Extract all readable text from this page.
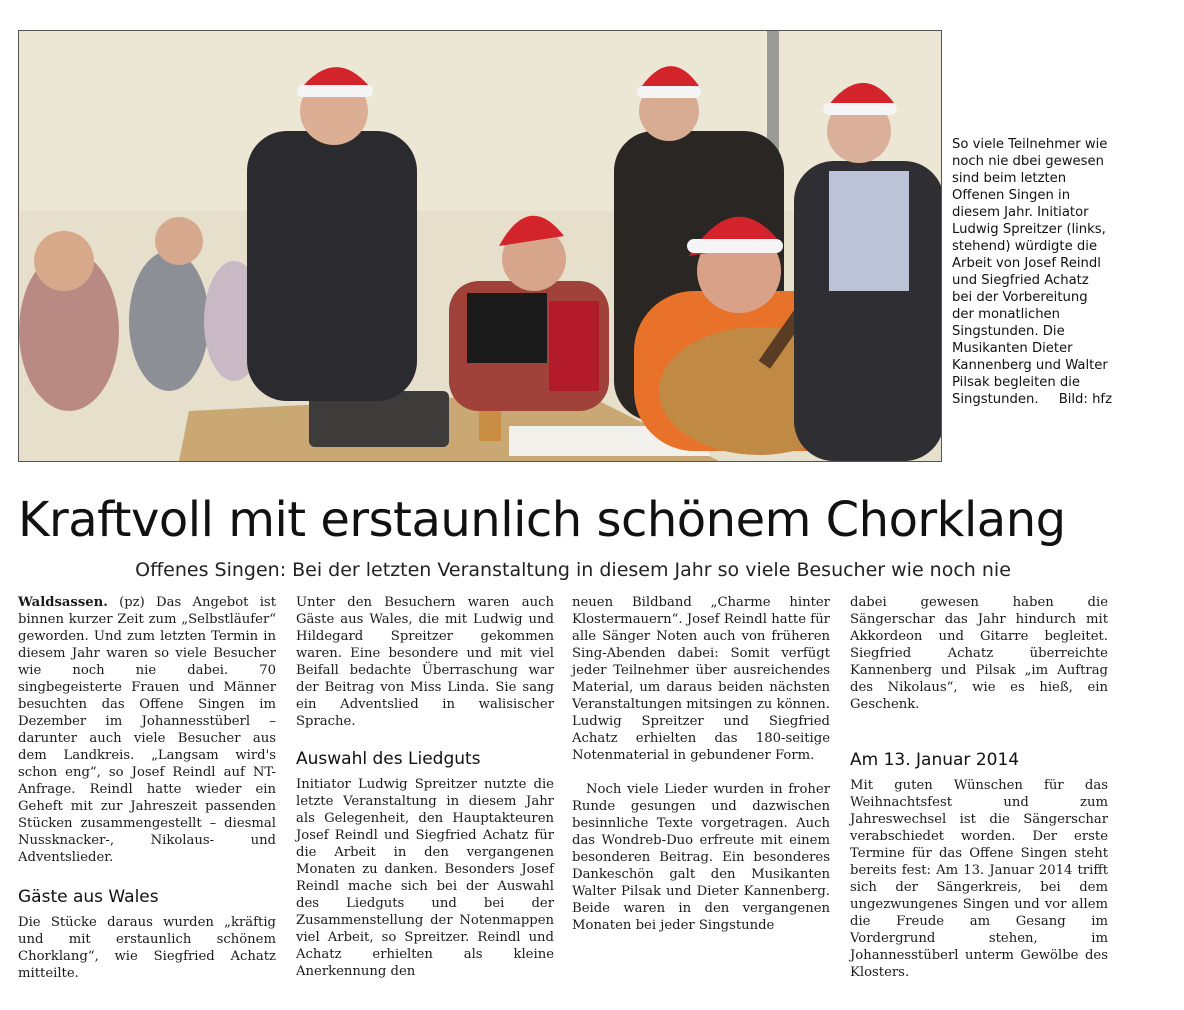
So viele Teilnehmer wie noch nie dbei gewesen sind beim letzten Offenen Singen in diesem Jahr. Initiator Ludwig Spreitzer (links, stehend) würdigte die Arbeit von Josef Reindl und Siegfried Achatz bei der Vorbereitung der monatlichen Singstunden. Die Musikanten Dieter Kannenberg und Walter Pilsak begleiten die Singstunden. Bild: hfz
Kraftvoll mit erstaunlich schönem Chorklang
Offenes Singen: Bei der letzten Veranstaltung in diesem Jahr so viele Besucher wie noch nie

Waldsassen. (pz) Das Angebot ist binnen kurzer Zeit zum „Selbstläufer“ geworden. Und zum letzten Termin in diesem Jahr waren so viele Besucher wie noch nie dabei. 70 singbegeisterte Frauen und Männer besuchten das Offene Singen im Dezember im Johannesstüberl – darunter auch viele Besucher aus dem Landkreis. „Langsam wird's schon eng“, so Josef Reindl auf NT-Anfrage. Reindl hatte wieder ein Geheft mit zur Jahreszeit passenden Stücken zusammengestellt – diesmal Nussknacker-, Nikolaus- und Adventslieder.

Gäste aus Wales

Die Stücke daraus wurden „kräftig und mit erstaunlich schönem Chorklang“, wie Siegfried Achatz mitteilte.

Unter den Besuchern waren auch Gäste aus Wales, die mit Ludwig und Hildegard Spreitzer gekommen waren. Eine besondere und mit viel Beifall bedachte Überraschung war der Beitrag von Miss Linda. Sie sang ein Adventslied in walisischer Sprache.

Auswahl des Liedguts

Initiator Ludwig Spreitzer nutzte die letzte Veranstaltung in diesem Jahr als Gelegenheit, den Hauptakteuren Josef Reindl und Siegfried Achatz für die Arbeit in den vergangenen Monaten zu danken. Besonders Josef Reindl mache sich bei der Auswahl des Liedguts und bei der Zusammenstellung der Notenmappen viel Arbeit, so Spreitzer. Reindl und Achatz erhielten als kleine Anerkennung den

neuen Bildband „Charme hinter Klostermauern“. Josef Reindl hatte für alle Sänger Noten auch von früheren Sing-Abenden dabei: Somit verfügt jeder Teilnehmer über ausreichendes Material, um daraus beiden nächsten Veranstaltungen mitsingen zu können. Ludwig Spreitzer und Siegfried Achatz erhielten das 180-seitige Notenmaterial in gebundener Form.

Noch viele Lieder wurden in froher Runde gesungen und dazwischen besinnliche Texte vorgetragen. Auch das Wondreb-Duo erfreute mit einem besonderen Beitrag. Ein besonderes Dankeschön galt den Musikanten Walter Pilsak und Dieter Kannenberg. Beide waren in den vergangenen Monaten bei jeder Singstunde

dabei gewesen haben die Sängerschar das Jahr hindurch mit Akkordeon und Gitarre begleitet. Siegfried Achatz überreichte Kannenberg und Pilsak „im Auftrag des Nikolaus“, wie es hieß, ein Geschenk.

Am 13. Januar 2014

Mit guten Wünschen für das Weihnachtsfest und zum Jahreswechsel ist die Sängerschar verabschiedet worden. Der erste Termine für das Offene Singen steht bereits fest: Am 13. Januar 2014 trifft sich der Sängerkreis, bei dem ungezwungenes Singen und vor allem die Freude am Gesang im Vordergrund stehen, im Johannesstüberl unterm Gewölbe des Klosters.
